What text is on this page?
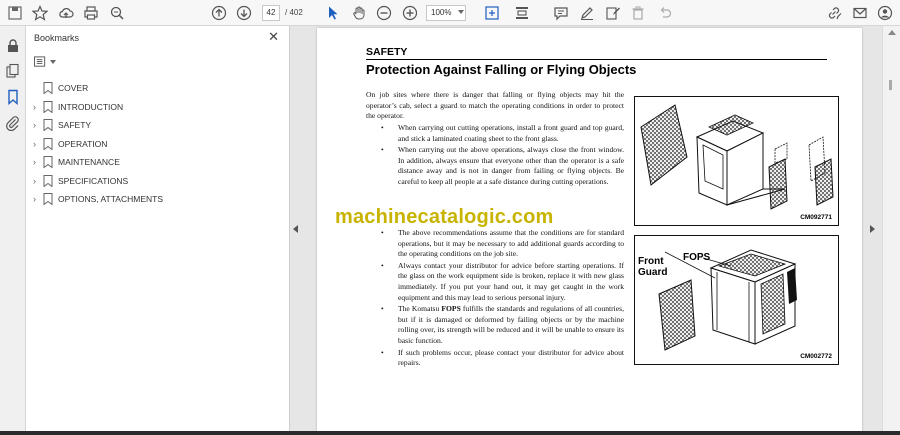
42	/ 402	100%
Bookmarks	✕
COVER
›	INTRODUCTION
›	SAFETY
›	OPERATION
›	MAINTENANCE
›	SPECIFICATIONS
›	OPTIONS, ATTACHMENTS
SAFETY
Protection Against Falling or Flying Objects

On job sites where there is danger that falling or flying objects may hit the operator’s cab, select a guard to match the operating conditions in order to protect the operator.

• When carrying out cutting operations, install a front guard and top guard, and stick a laminated coating sheet to the front glass.
• When carrying out the above operations, always close the front window. In addition, always ensure that everyone other than the operator is a safe distance away and is not in danger from failing or flying objects. Be careful to keep all people at a safe distance during cutting operations.
machinecatalogic.com
• The above recommendations assume that the conditions are for standard operations, but it may be necessary to add additional guards according to the operating conditions on the job site.
• Always contact your distributor for advice before starting operations. If the glass on the work equipment side is broken, replace it with new glass immediately. If you put your hand out, it may get caught in the work equipment and this may lead to serious personal injury.
• The Komatsu FOPS fulfills the standards and regulations of all countries, but if it is damaged or deformed by failing objects or by the machine rolling over, its strength will be reduced and it will be unable to ensure its basic function.
• If such problems occur, please contact your distributor for advice about repairs.
CM092771
Front Guard
FOPS
CM002772
